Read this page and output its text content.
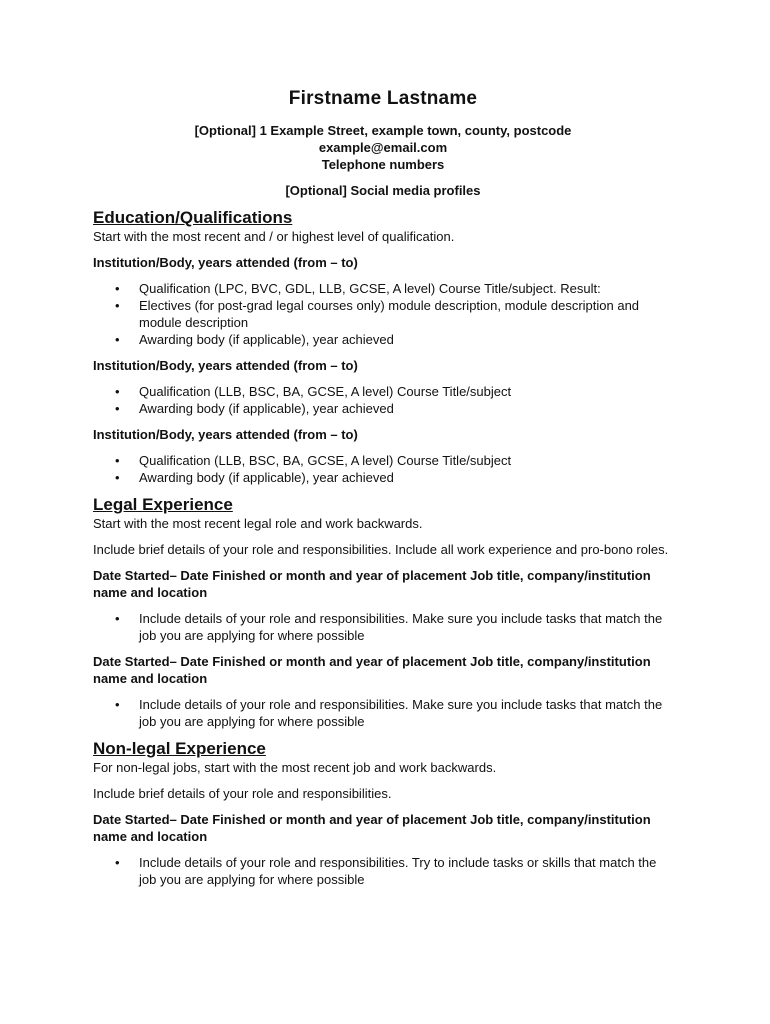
Firstname Lastname
[Optional] 1 Example Street, example town, county, postcode
example@email.com
Telephone numbers
[Optional] Social media profiles
Education/Qualifications

Start with the most recent and / or highest level of qualification.

Institution/Body, years attended (from – to)

• Qualification (LPC, BVC, GDL, LLB, GCSE, A level) Course Title/subject. Result:
• Electives (for post-grad legal courses only) module description, module description and module description
• Awarding body (if applicable), year achieved

Institution/Body, years attended (from – to)

• Qualification (LLB, BSC, BA, GCSE, A level) Course Title/subject
• Awarding body (if applicable), year achieved

Institution/Body, years attended (from – to)

• Qualification (LLB, BSC, BA, GCSE, A level) Course Title/subject
• Awarding body (if applicable), year achieved
Legal Experience

Start with the most recent legal role and work backwards.

Include brief details of your role and responsibilities. Include all work experience and pro-bono roles.

Date Started– Date Finished or month and year of placement Job title, company/institution name and location

• Include details of your role and responsibilities. Make sure you include tasks that match the job you are applying for where possible

Date Started– Date Finished or month and year of placement Job title, company/institution name and location

• Include details of your role and responsibilities. Make sure you include tasks that match the job you are applying for where possible
Non-legal Experience

For non-legal jobs, start with the most recent job and work backwards.

Include brief details of your role and responsibilities.

Date Started– Date Finished or month and year of placement Job title, company/institution name and location

• Include details of your role and responsibilities. Try to include tasks or skills that match the job you are applying for where possible
